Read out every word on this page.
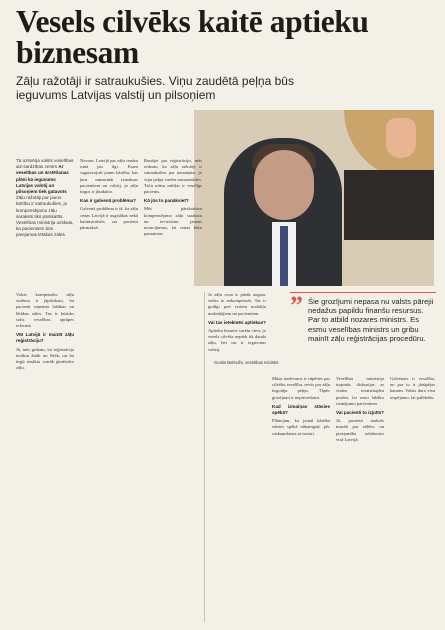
Vesels cilvēks kaitē aptieku biznesam
Zāļu ražotāji ir satraukušies. Viņu zaudētā peļņa būs ieguvums Latvijas valstij un pilsoņiem
Tā uzsvērja valsts veselības aiz-sardzības centrs Ar veselības un ārstēšanas plāni kā ieguvums Latvijas valstij un pilsoņiem tiek gatavots Zāļu ražotāji par jauno kārtību ir satraukušies, jo kompensējamo zāļu saraksts tiks pārskatīts. Veselības ministrija uzskata, ka pacientiem būs pieejamas lētākas zāles.
Valsts kompensēto zāļu sistēma ir jāpārskata, lai pacienti saņemtu labākas un lētākas zāles. Tas ir būtisks solis veselības aprūpes reformā.
VM Latvijā ir mainīt zāļu reģistrāciju?
Jā, mēs gribam, lai reģistrācija notiktu ātrāk un lētāk, un lai tirgū ienāktu vairāk ģenērisko zāļu.
Nevaru. Latvijā par zāļu cenām runā jau ilgi. Esam sagatavojuši jaunu kārtību, kas ļaus samazināt izmaksas pacientiem un valstij, jo zāļu tirgus ir jāsakārto.
Kas ir galvenā problēma?
Galvenā problēma ir tā, ka zāļu cenas Latvijā ir augstākas nekā kaimiņvalstīs, un pacienti pārmaksā.
Runājot par reģistrāciju, mēs redzam, ka zāļu ražotāji ir satraukušies par izmaiņām, jo viņu peļņa varētu samazināties. Taču mūsu mērķis ir veselīgs pacients.
Kā jūs to panāksiet?
Mēs pārskatīsim kompensējamo zāļu sarakstu un ieviesīsim jaunus nosacījumus, lai cenas būtu pamatotas.
” Šie grozījumi nepasa nu valsts pārejii nedažus papildu finanšu resursus. Par to atbild nozares ministrs. Es esmu veselības ministrs un gribu mainīt zāļu reģistrācijas procedūru.
Guntis Belēvičs, veselības ministrs
Ja zāļu cena ir pārāk augsta, valsts to nekompensēs. Tas ir godīgi pret visiem nodokļu maksātājiem un pacientiem.
Vai tas ietekmēs aptiekas?
Aptieku bizness varētu ciest, jo vesels cilvēks nepērk tik daudz zāļu, bet tas ir ieguvums valstij.
Mūsu uzdevums ir rūpēties par cilvēku veselību, nevis par zāļu tirgotāju peļņu. Tāpēc grozījumi ir nepieciešami.
Kad izmaiņas stāsies spēkā?
Plānojam, ka jaunā kārtība stāsies spēkā nākamgad, pēc saskaņošanas ar nozari.
Veselības ministrija turpinās diskusijas ar visām iesaistītajām pusēm, lai rastu labāko risinājumu pacientiem.
Vai pacienti to izjutīs?
Jā, pacienti maksās mazāk par zālēm, un pieejamība uzlabosies visā Latvijā.
Galvenais ir veselība, un par to ir jārūpējas katram. Valsts dara visu iespējamo, lai palīdzētu.
